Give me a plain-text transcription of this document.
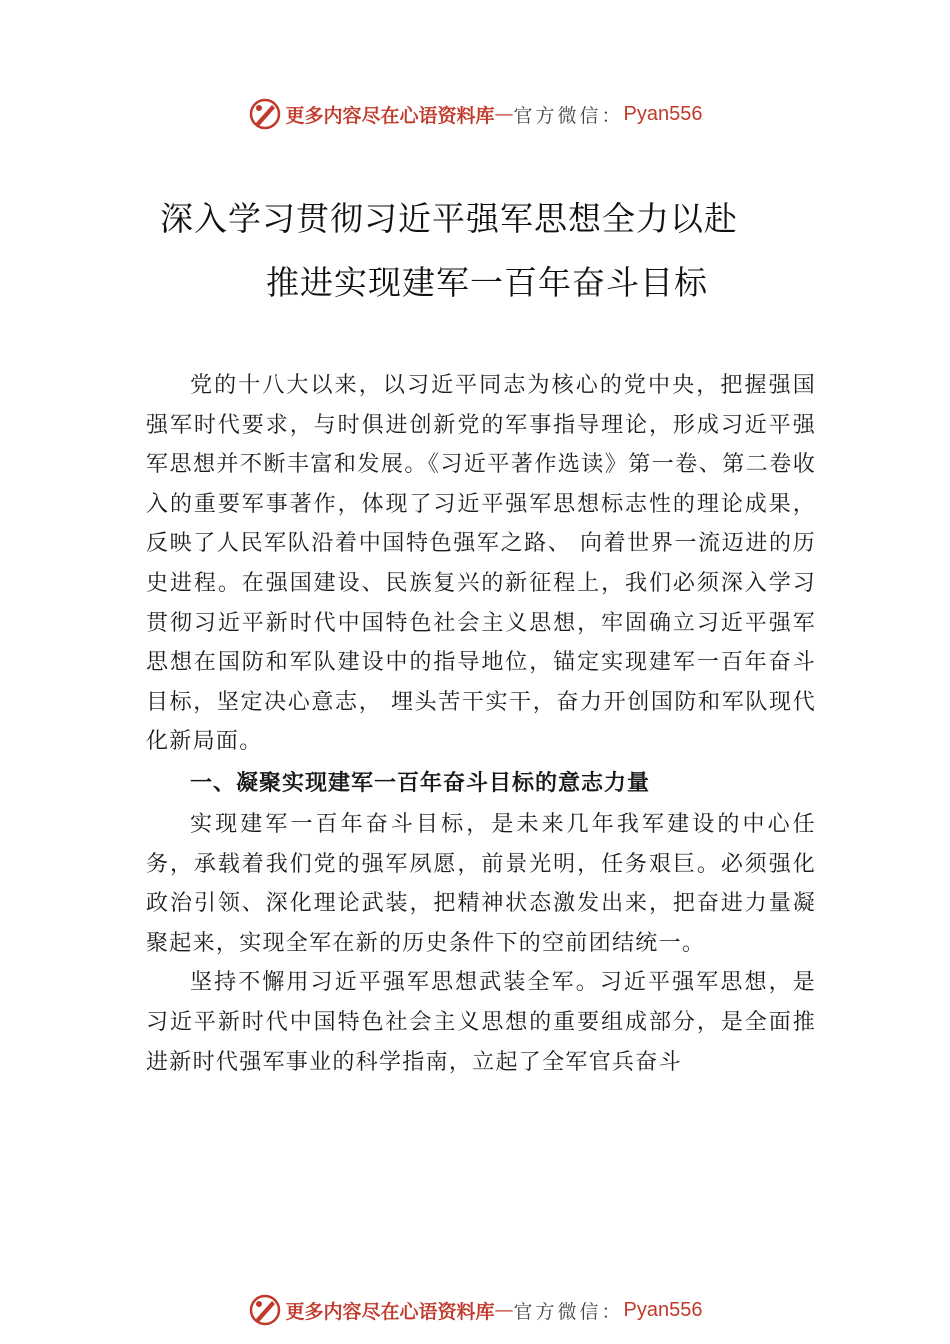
更多内容尽在心语资料库 — 官方微信： Pyan556
深入学习贯彻习近平强军思想全力以赴
推进实现建军一百年奋斗目标

党的十八大以来，以习近平同志为核心的党中央，把握强国强军时代要求，与时俱进创新党的军事指导理论，形成习近平强军思想并不断丰富和发展。《习近平著作选读》第一卷、第二卷收入的重要军事著作，体现了习近平强军思想标志性的理论成果，反映了人民军队沿着中国特色强军之路、 向着世界一流迈进的历史进程。在强国建设、民族复兴的新征程上，我们必须深入学习贯彻习近平新时代中国特色社会主义思想，牢固确立习近平强军思想在国防和军队建设中的指导地位，锚定实现建军一百年奋斗目标，坚定决心意志， 埋头苦干实干，奋力开创国防和军队现代化新局面。

一、凝聚实现建军一百年奋斗目标的意志力量

实现建军一百年奋斗目标，是未来几年我军建设的中心任务，承载着我们党的强军夙愿，前景光明，任务艰巨。必须强化政治引领、深化理论武装，把精神状态激发出来，把奋进力量凝聚起来，实现全军在新的历史条件下的空前团结统一。

坚持不懈用习近平强军思想武装全军。习近平强军思想，是习近平新时代中国特色社会主义思想的重要组成部分，是全面推进新时代强军事业的科学指南，立起了全军官兵奋斗

更多内容尽在心语资料库 — 官方微信： Pyan556
